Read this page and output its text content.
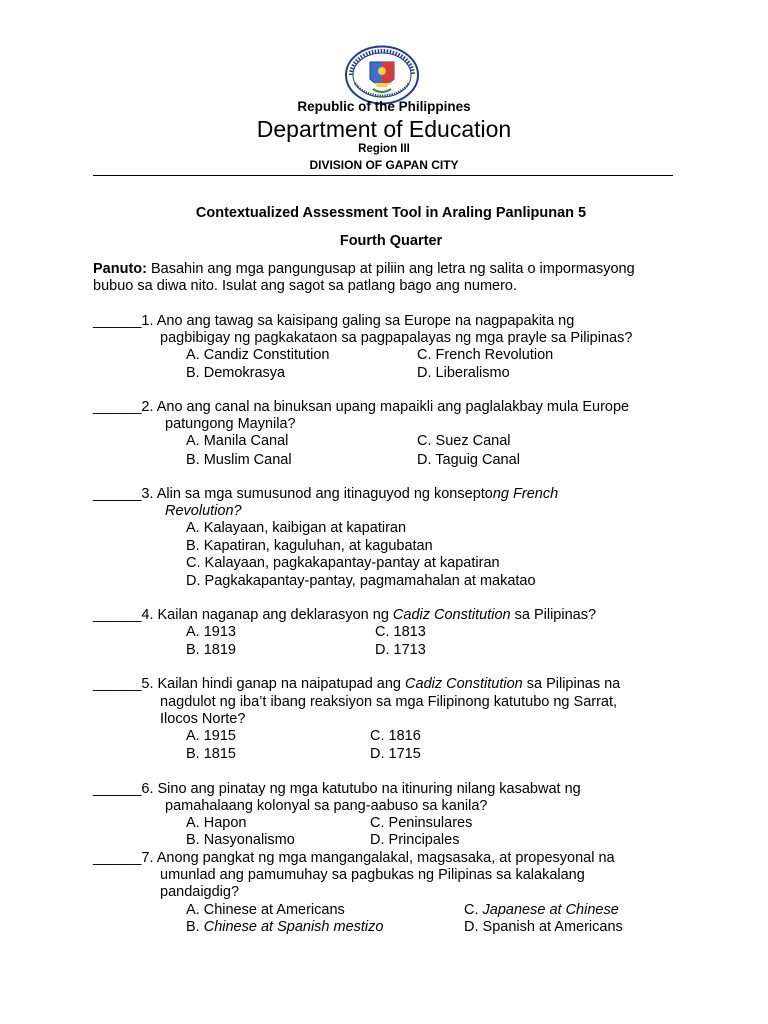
Republic of the Philippines
Department of Education
Region III
DIVISION OF GAPAN CITY
Contextualized Assessment Tool in Araling Panlipunan 5
Fourth Quarter
Panuto: Basahin ang mga pangungusap at piliin ang letra ng salita o impormasyong
bubuo sa diwa nito. Isulat ang sagot sa patlang bago ang numero.
______1. Ano ang tawag sa kaisipang galing sa Europe na nagpapakita ng
pagbibigay ng pagkakataon sa pagpapalayas ng mga prayle sa Pilipinas?
A. Candiz Constitution
B. Demokrasya
C. French Revolution
D. Liberalismo
______2. Ano ang canal na binuksan upang mapaikli ang paglalakbay mula Europe
patungong Maynila?
A. Manila Canal
B. Muslim Canal
C. Suez Canal
D. Taguig Canal
______3. Alin sa mga sumusunod ang itinaguyod ng konseptong French
Revolution?
A. Kalayaan, kaibigan at kapatiran
B. Kapatiran, kaguluhan, at kagubatan
C. Kalayaan, pagkakapantay-pantay at kapatiran
D. Pagkakapantay-pantay, pagmamahalan at makatao
______4. Kailan naganap ang deklarasyon ng Cadiz Constitution sa Pilipinas?
A. 1913
B. 1819
C. 1813
D. 1713
______5. Kailan hindi ganap na naipatupad ang Cadiz Constitution sa Pilipinas na
nagdulot ng iba’t ibang reaksiyon sa mga Filipinong katutubo ng Sarrat,
Ilocos Norte?
A. 1915
B. 1815
C. 1816
D. 1715
______6. Sino ang pinatay ng mga katutubo na itinuring nilang kasabwat ng
pamahalaang kolonyal sa pang-aabuso sa kanila?
A. Hapon
B. Nasyonalismo
C. Peninsulares
D. Principales
______7. Anong pangkat ng mga mangangalakal, magsasaka, at propesyonal na
umunlad ang pamumuhay sa pagbukas ng Pilipinas sa kalakalang
pandaigdig?
A. Chinese at Americans
B. Chinese at Spanish mestizo
C. Japanese at Chinese
D. Spanish at Americans
